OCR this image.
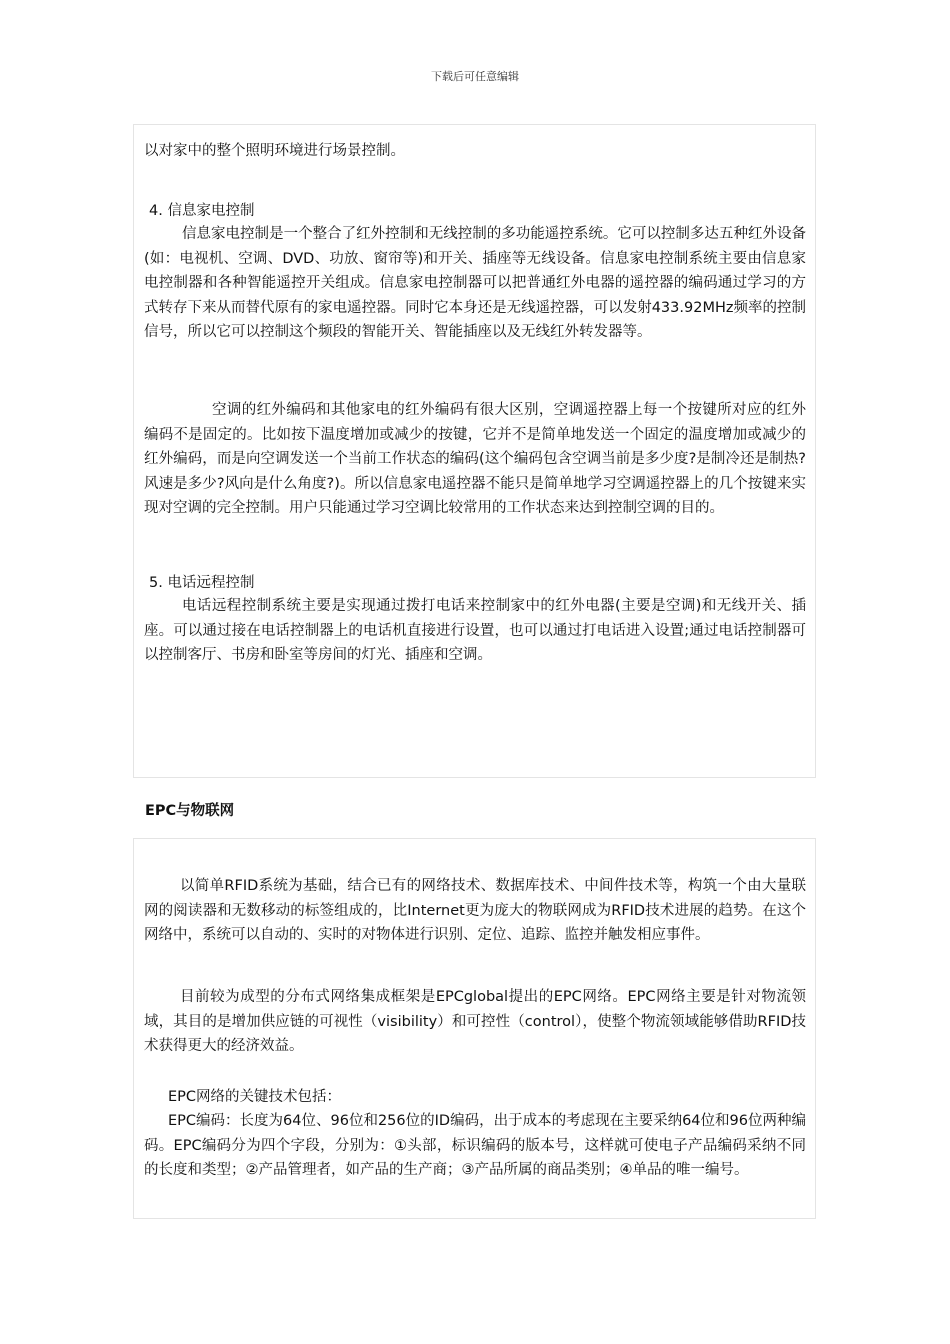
下载后可任意编辑
以对家中的整个照明环境进行场景控制。
4. 信息家电控制
信息家电控制是一个整合了红外控制和无线控制的多功能遥控系统。它可以控制多达五种红外设备(如：电视机、空调、DVD、功放、窗帘等)和开关、插座等无线设备。信息家电控制系统主要由信息家电控制器和各种智能遥控开关组成。信息家电控制器可以把普通红外电器的遥控器的编码通过学习的方式转存下来从而替代原有的家电遥控器。同时它本身还是无线遥控器，可以发射433.92MHz频率的控制信号，所以它可以控制这个频段的智能开关、智能插座以及无线红外转发器等。
空调的红外编码和其他家电的红外编码有很大区别，空调遥控器上每一个按键所对应的红外编码不是固定的。比如按下温度增加或减少的按键，它并不是简单地发送一个固定的温度增加或减少的红外编码，而是向空调发送一个当前工作状态的编码(这个编码包含空调当前是多少度?是制冷还是制热?风速是多少?风向是什么角度?)。所以信息家电遥控器不能只是简单地学习空调遥控器上的几个按键来实现对空调的完全控制。用户只能通过学习空调比较常用的工作状态来达到控制空调的目的。
5. 电话远程控制
电话远程控制系统主要是实现通过拨打电话来控制家中的红外电器(主要是空调)和无线开关、插座。可以通过接在电话控制器上的电话机直接进行设置，也可以通过打电话进入设置;通过电话控制器可以控制客厅、书房和卧室等房间的灯光、插座和空调。
EPC与物联网
以简单RFID系统为基础，结合已有的网络技术、数据库技术、中间件技术等，构筑一个由大量联网的阅读器和无数移动的标签组成的，比Internet更为庞大的物联网成为RFID技术进展的趋势。在这个网络中，系统可以自动的、实时的对物体进行识别、定位、追踪、监控并触发相应事件。
目前较为成型的分布式网络集成框架是EPCglobal提出的EPC网络。EPC网络主要是针对物流领域，其目的是增加供应链的可视性（visibility）和可控性（control），使整个物流领域能够借助RFID技术获得更大的经济效益。
EPC网络的关键技术包括：
EPC编码：长度为64位、96位和256位的ID编码，出于成本的考虑现在主要采纳64位和96位两种编码。EPC编码分为四个字段，分别为：①头部，标识编码的版本号，这样就可使电子产品编码采纳不同的长度和类型；②产品管理者，如产品的生产商；③产品所属的商品类别；④单品的唯一编号。
